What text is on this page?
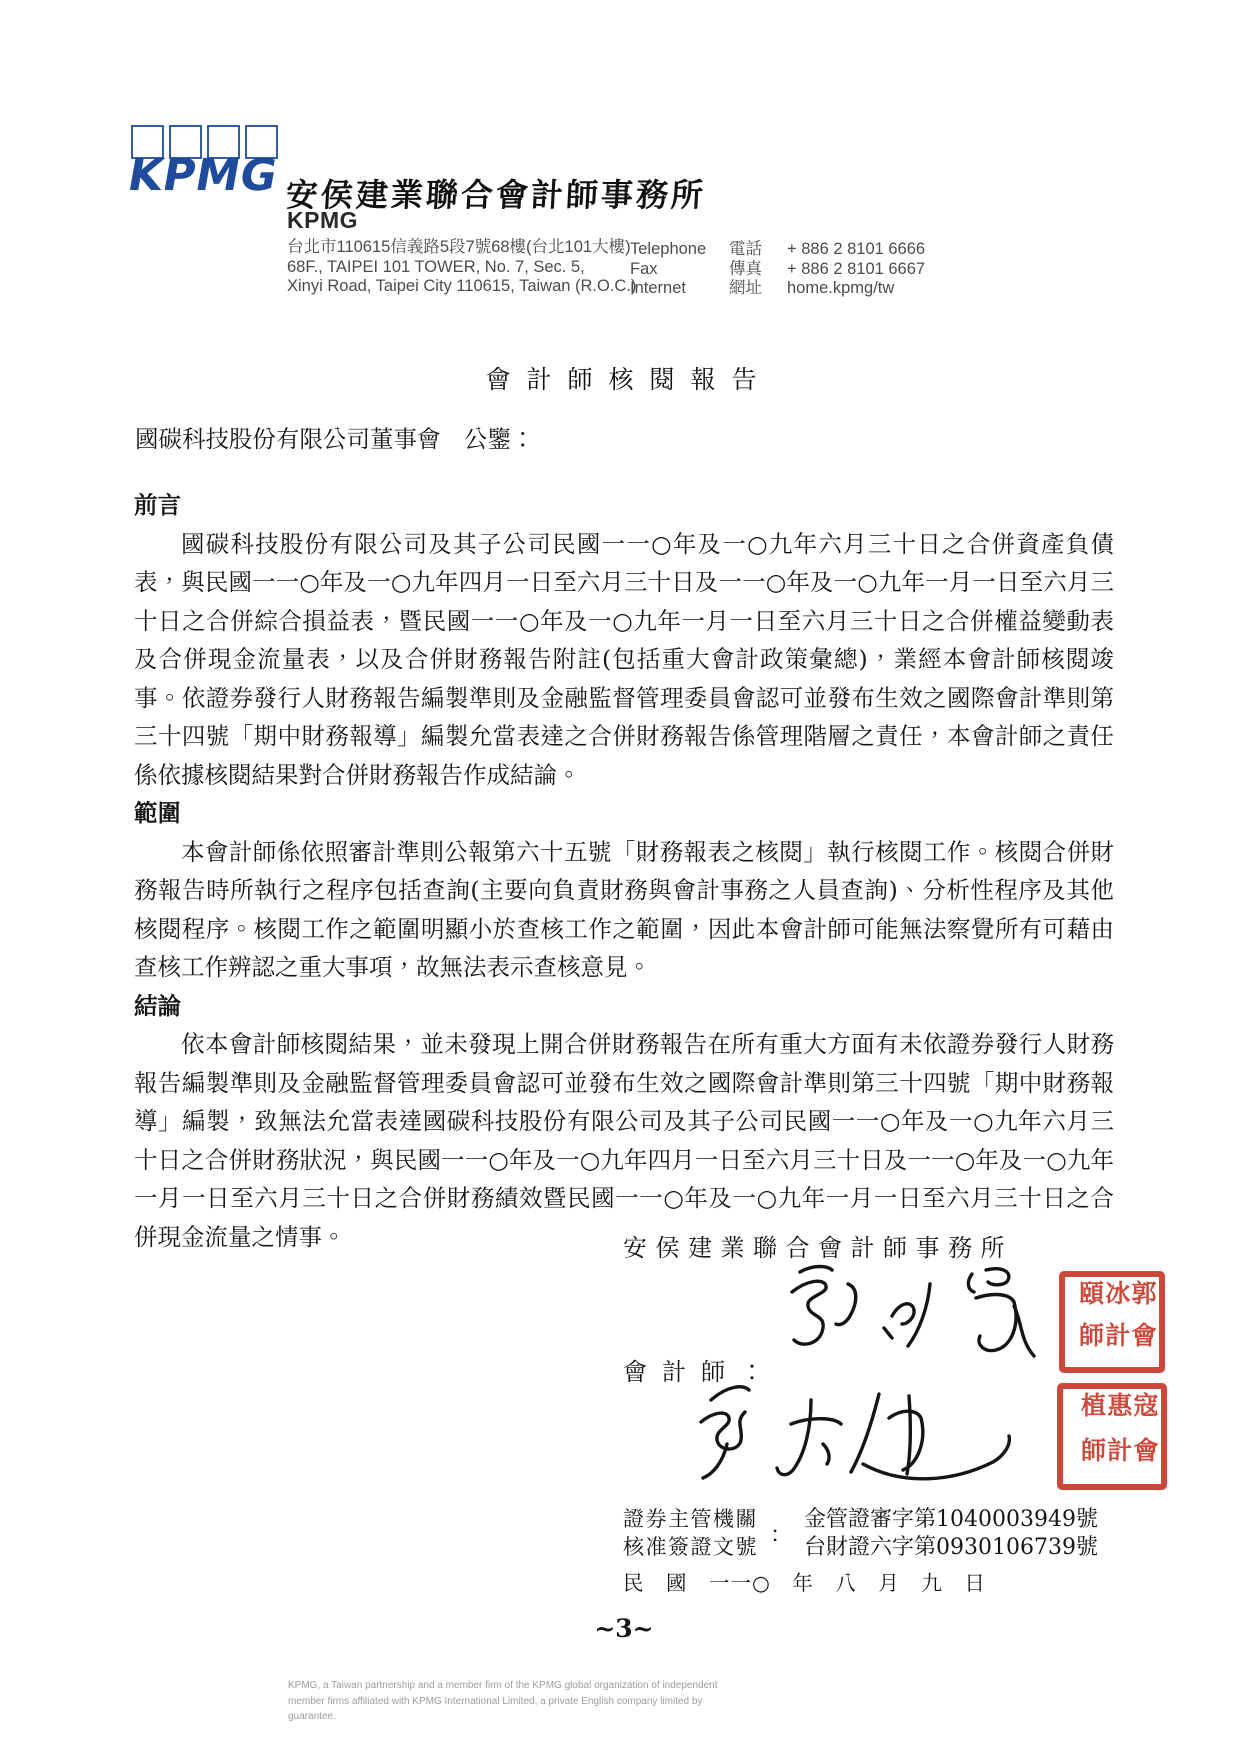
KPMG 安侯建業聯合會計師事務所
KPMG
台北市110615信義路5段7號68樓(台北101大樓)
68F., TAIPEI 101 TOWER, No. 7, Sec. 5,
Xinyi Road, Taipei City 110615, Taiwan (R.O.C.)
Telephone	電話	+ 886 2 8101 6666
Fax	傳真	+ 886 2 8101 6667
Internet	網址	home.kpmg/tw
會計師核閱報告
國碳科技股份有限公司董事會　公鑒：
前言

國碳科技股份有限公司及其子公司民國一一○年及一○九年六月三十日之合併資產負債表，與民國一一○年及一○九年四月一日至六月三十日及一一○年及一○九年一月一日至六月三十日之合併綜合損益表，暨民國一一○年及一○九年一月一日至六月三十日之合併權益變動表及合併現金流量表，以及合併財務報告附註(包括重大會計政策彙總)，業經本會計師核閱竣事。依證券發行人財務報告編製準則及金融監督管理委員會認可並發布生效之國際會計準則第三十四號「期中財務報導」編製允當表達之合併財務報告係管理階層之責任，本會計師之責任係依據核閱結果對合併財務報告作成結論。

範圍

本會計師係依照審計準則公報第六十五號「財務報表之核閱」執行核閱工作。核閱合併財務報告時所執行之程序包括查詢(主要向負責財務與會計事務之人員查詢)、分析性程序及其他核閱程序。核閱工作之範圍明顯小於查核工作之範圍，因此本會計師可能無法察覺所有可藉由查核工作辨認之重大事項，故無法表示查核意見。

結論

依本會計師核閱結果，並未發現上開合併財務報告在所有重大方面有未依證券發行人財務報告編製準則及金融監督管理委員會認可並發布生效之國際會計準則第三十四號「期中財務報導」編製，致無法允當表達國碳科技股份有限公司及其子公司民國一一○年及一○九年六月三十日之合併財務狀況，與民國一一○年及一○九年四月一日至六月三十日及一一○年及一○九年一月一日至六月三十日之合併財務績效暨民國一一○年及一○九年一月一日至六月三十日之合併現金流量之情事。	安侯建業聯合會計師事務所
會計師：
郭冰頤
會計師
寇惠植
會計師
證券主管機關
核准簽證文號 ：
金管證審字第1040003949號
台財證六字第0930106739號
民　國　一一○　年　八　月　九　日
~3~
KPMG, a Taiwan partnership and a member firm of the KPMG global organization of independent member firms affiliated with KPMG International Limited, a private English company limited by guarantee.
